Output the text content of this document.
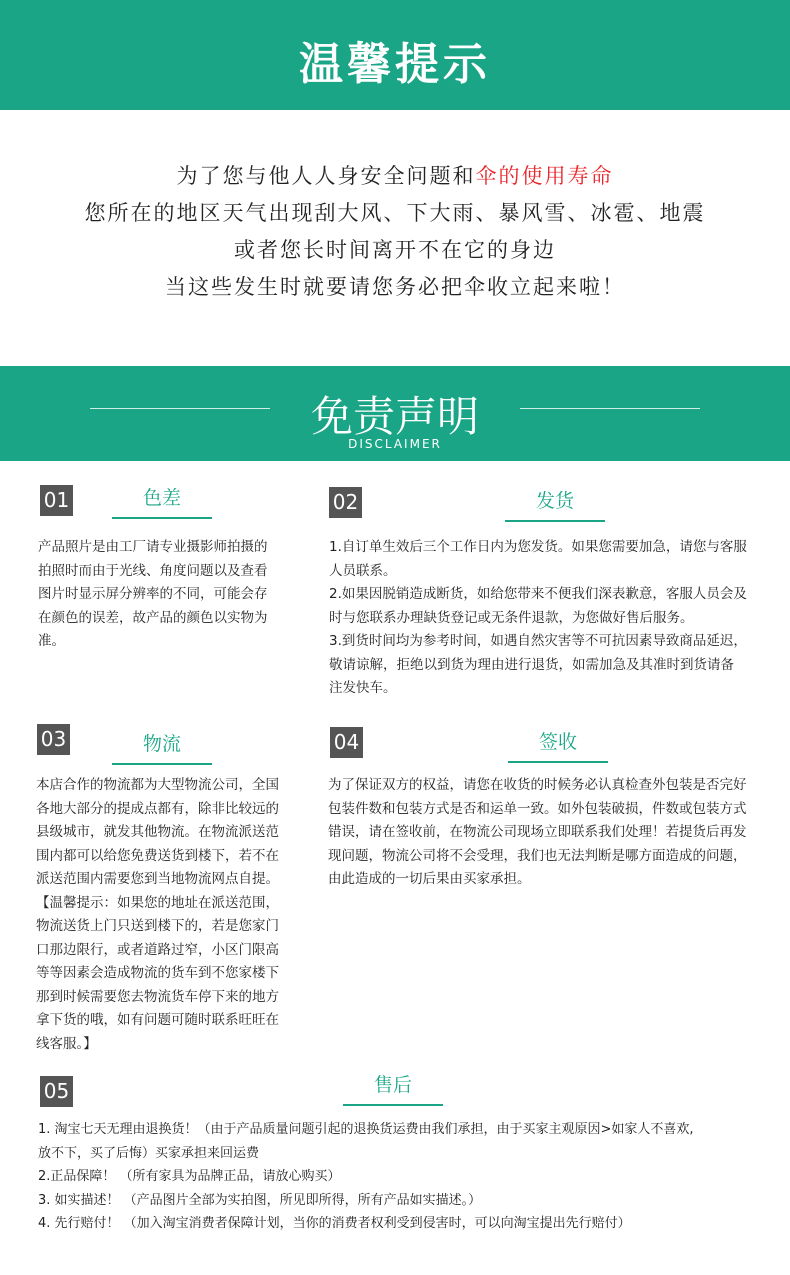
温馨提示
为了您与他人人身安全问题和伞的使用寿命
您所在的地区天气出现刮大风、下大雨、暴风雪、冰雹、地震
或者您长时间离开不在它的身边
当这些发生时就要请您务必把伞收立起来啦！
免责声明
DISCLAIMER
01	色差
产品照片是由工厂请专业摄影师拍摄的
拍照时而由于光线、角度问题以及查看
图片时显示屏分辨率的不同，可能会存
在颜色的误差，故产品的颜色以实物为
准。
02	发货
1.自订单生效后三个工作日内为您发货。如果您需要加急，请您与客服
人员联系。
2.如果因脱销造成断货，如给您带来不便我们深表歉意，客服人员会及
时与您联系办理缺货登记或无条件退款，为您做好售后服务。
3.到货时间均为参考时间，如遇自然灾害等不可抗因素导致商品延迟，
敬请谅解，拒绝以到货为理由进行退货，如需加急及其准时到货请备
注发快车。
03	物流
本店合作的物流都为大型物流公司，全国
各地大部分的提成点都有，除非比较远的
县级城市，就发其他物流。在物流派送范
围内都可以给您免费送货到楼下，若不在
派送范围内需要您到当地物流网点自提。
【温馨提示：如果您的地址在派送范围，
物流送货上门只送到楼下的，若是您家门
口那边限行，或者道路过窄，小区门限高
等等因素会造成物流的货车到不您家楼下
那到时候需要您去物流货车停下来的地方
拿下货的哦，如有问题可随时联系旺旺在
线客服。】
04	签收
为了保证双方的权益，请您在收货的时候务必认真检查外包装是否完好
包装件数和包装方式是否和运单一致。如外包装破损，件数或包装方式
错误，请在签收前，在物流公司现场立即联系我们处理！若提货后再发
现问题，物流公司将不会受理，我们也无法判断是哪方面造成的问题，
由此造成的一切后果由买家承担。
05	售后
1. 淘宝七天无理由退换货！（由于产品质量问题引起的退换货运费由我们承担，由于买家主观原因>如家人不喜欢,
放不下，买了后悔）买家承担来回运费
2.正品保障！ （所有家具为品牌正品，请放心购买）
3. 如实描述！ （产品图片全部为实拍图，所见即所得，所有产品如实描述。）
4. 先行赔付！ （加入淘宝消费者保障计划，当你的消费者权利受到侵害时，可以向淘宝提出先行赔付）
